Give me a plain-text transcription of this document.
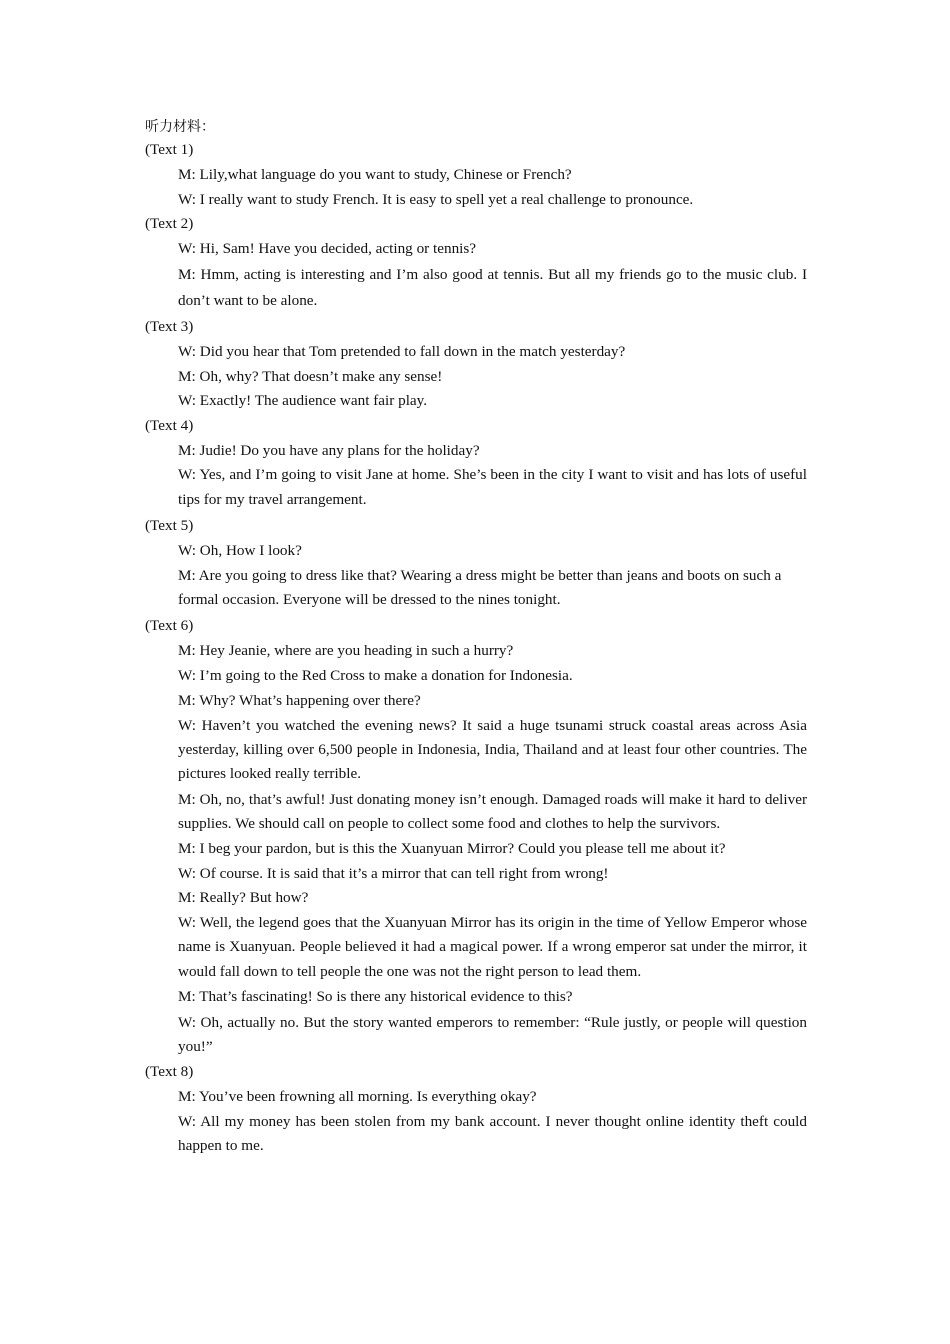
听力材料：
(Text 1)
M: Lily,what language do you want to study, Chinese or French?
W: I really want to study French. It is easy to spell yet a real challenge to pronounce.
(Text 2)
W: Hi, Sam! Have you decided, acting or tennis?
M: Hmm, acting is interesting and I’m also good at tennis. But all my friends go to the music club. I don’t want to be alone.
(Text 3)
W: Did you hear that Tom pretended to fall down in the match yesterday?
M: Oh, why? That doesn’t make any sense!
W: Exactly! The audience want fair play.
(Text 4)
M: Judie! Do you have any plans for the holiday?
W: Yes, and I’m going to visit Jane at home. She’s been in the city I want to visit and has lots of useful tips for my travel arrangement.
(Text 5)
W: Oh, How I look?
M: Are you going to dress like that? Wearing a dress might be better than jeans and boots on such a formal occasion. Everyone will be dressed to the nines tonight.
(Text 6)
M: Hey Jeanie, where are you heading in such a hurry?
W: I’m going to the Red Cross to make a donation for Indonesia.
M: Why? What’s happening over there?
W: Haven’t you watched the evening news? It said a huge tsunami struck coastal areas across Asia yesterday, killing over 6,500 people in Indonesia, India, Thailand and at least four other countries. The pictures looked really terrible.
M: Oh, no, that’s awful! Just donating money isn’t enough. Damaged roads will make it hard to deliver supplies. We should call on people to collect some food and clothes to help the survivors.
M: I beg your pardon, but is this the Xuanyuan Mirror? Could you please tell me about it?
W: Of course. It is said that it’s a mirror that can tell right from wrong!
M: Really? But how?
W: Well, the legend goes that the Xuanyuan Mirror has its origin in the time of Yellow Emperor whose name is Xuanyuan. People believed it had a magical power. If a wrong emperor sat under the mirror, it would fall down to tell people the one was not the right person to lead them.
M: That’s fascinating! So is there any historical evidence to this?
W: Oh, actually no. But the story wanted emperors to remember: “Rule justly, or people will question you!”
(Text 8)
M: You’ve been frowning all morning. Is everything okay?
W: All my money has been stolen from my bank account. I never thought online identity theft could happen to me.
